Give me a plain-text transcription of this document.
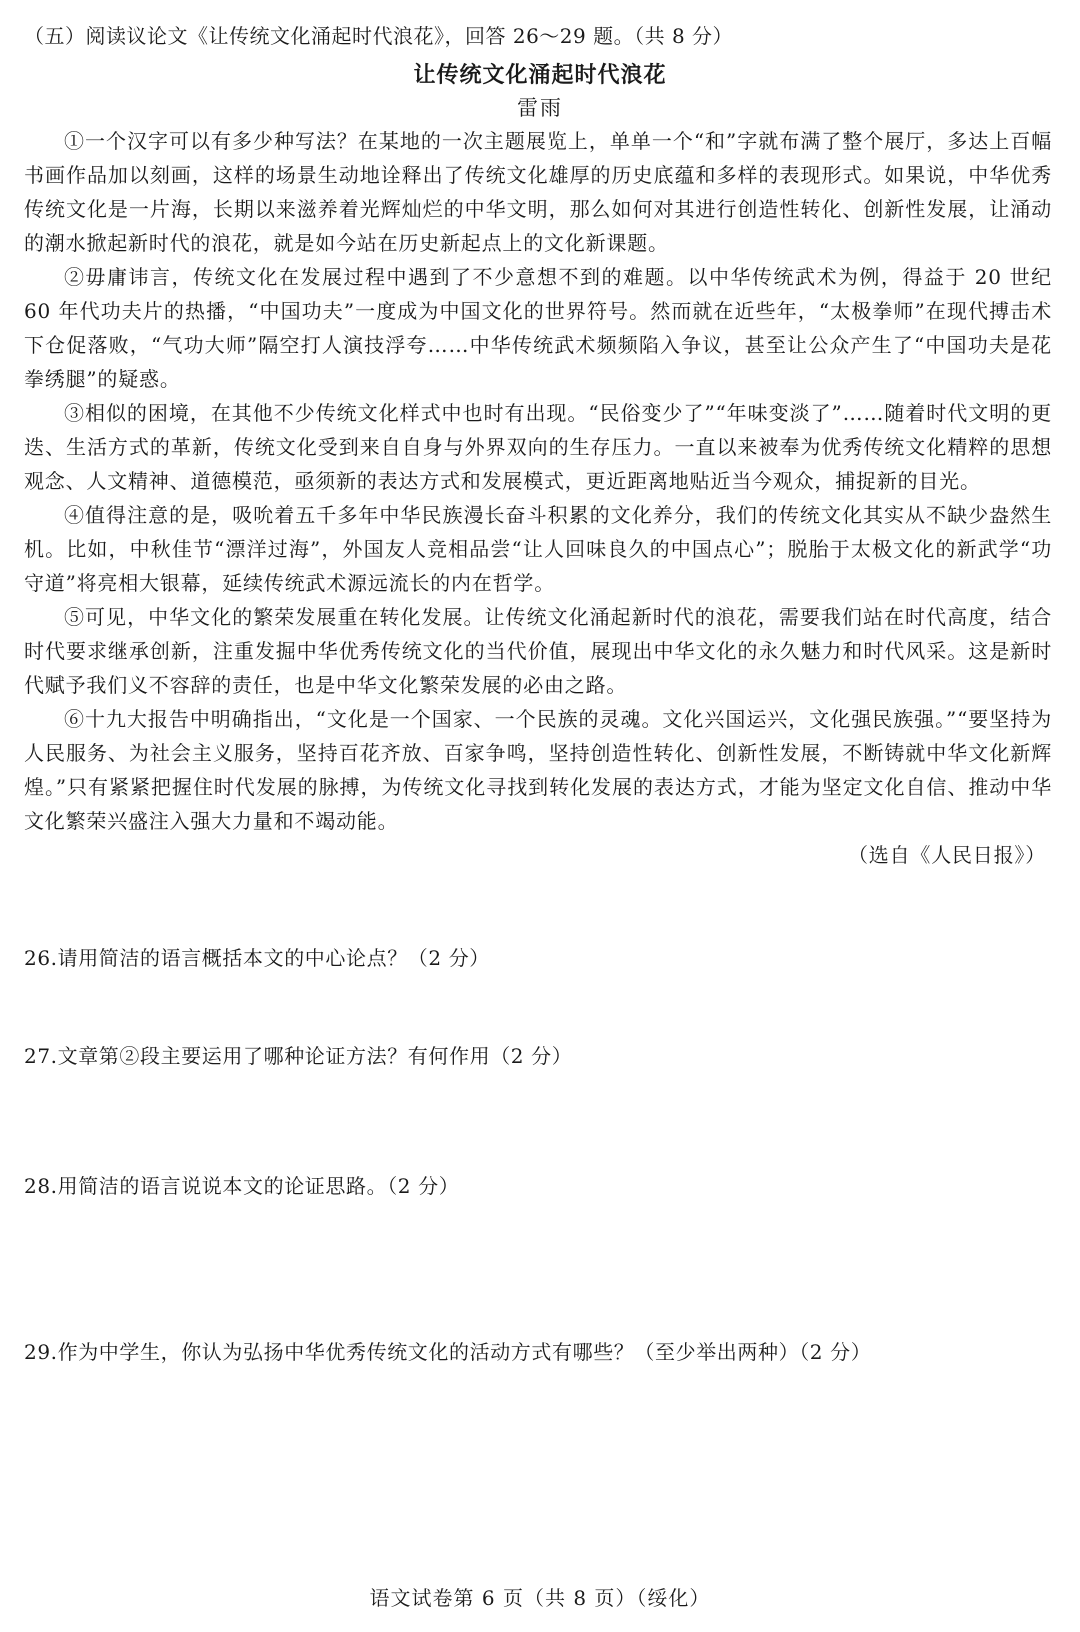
（五）阅读议论文《让传统文化涌起时代浪花》，回答 26～29 题。（共 8 分）
让传统文化涌起时代浪花
雷雨

①一个汉字可以有多少种写法？在某地的一次主题展览上，单单一个“和”字就布满了整个展厅，多达上百幅书画作品加以刻画，这样的场景生动地诠释出了传统文化雄厚的历史底蕴和多样的表现形式。如果说，中华优秀传统文化是一片海，长期以来滋养着光辉灿烂的中华文明，那么如何对其进行创造性转化、创新性发展，让涌动的潮水掀起新时代的浪花，就是如今站在历史新起点上的文化新课题。

②毋庸讳言，传统文化在发展过程中遇到了不少意想不到的难题。以中华传统武术为例，得益于 20 世纪 60 年代功夫片的热播，“中国功夫”一度成为中国文化的世界符号。然而就在近些年，“太极拳师”在现代搏击术下仓促落败，“气功大师”隔空打人演技浮夸……中华传统武术频频陷入争议，甚至让公众产生了“中国功夫是花拳绣腿”的疑惑。

③相似的困境，在其他不少传统文化样式中也时有出现。“民俗变少了”“年味变淡了”……随着时代文明的更迭、生活方式的革新，传统文化受到来自自身与外界双向的生存压力。一直以来被奉为优秀传统文化精粹的思想观念、人文精神、道德模范，亟须新的表达方式和发展模式，更近距离地贴近当今观众，捕捉新的目光。

④值得注意的是，吸吮着五千多年中华民族漫长奋斗积累的文化养分，我们的传统文化其实从不缺少盎然生机。比如，中秋佳节“漂洋过海”，外国友人竞相品尝“让人回味良久的中国点心”；脱胎于太极文化的新武学“功守道”将亮相大银幕，延续传统武术源远流长的内在哲学。

⑤可见，中华文化的繁荣发展重在转化发展。让传统文化涌起新时代的浪花，需要我们站在时代高度，结合时代要求继承创新，注重发掘中华优秀传统文化的当代价值，展现出中华文化的永久魅力和时代风采。这是新时代赋予我们义不容辞的责任，也是中华文化繁荣发展的必由之路。

⑥十九大报告中明确指出，“文化是一个国家、一个民族的灵魂。文化兴国运兴，文化强民族强。”“要坚持为人民服务、为社会主义服务，坚持百花齐放、百家争鸣，坚持创造性转化、创新性发展，不断铸就中华文化新辉煌。”只有紧紧把握住时代发展的脉搏，为传统文化寻找到转化发展的表达方式，才能为坚定文化自信、推动中华文化繁荣兴盛注入强大力量和不竭动能。

（选自《人民日报》）

26.请用简洁的语言概括本文的中心论点？（2 分）
27.文章第②段主要运用了哪种论证方法？有何作用（2 分）
28.用简洁的语言说说本文的论证思路。（2 分）
29.作为中学生，你认为弘扬中华优秀传统文化的活动方式有哪些？（至少举出两种）（2 分）
语文试卷第 6 页（共 8 页）（绥化）
